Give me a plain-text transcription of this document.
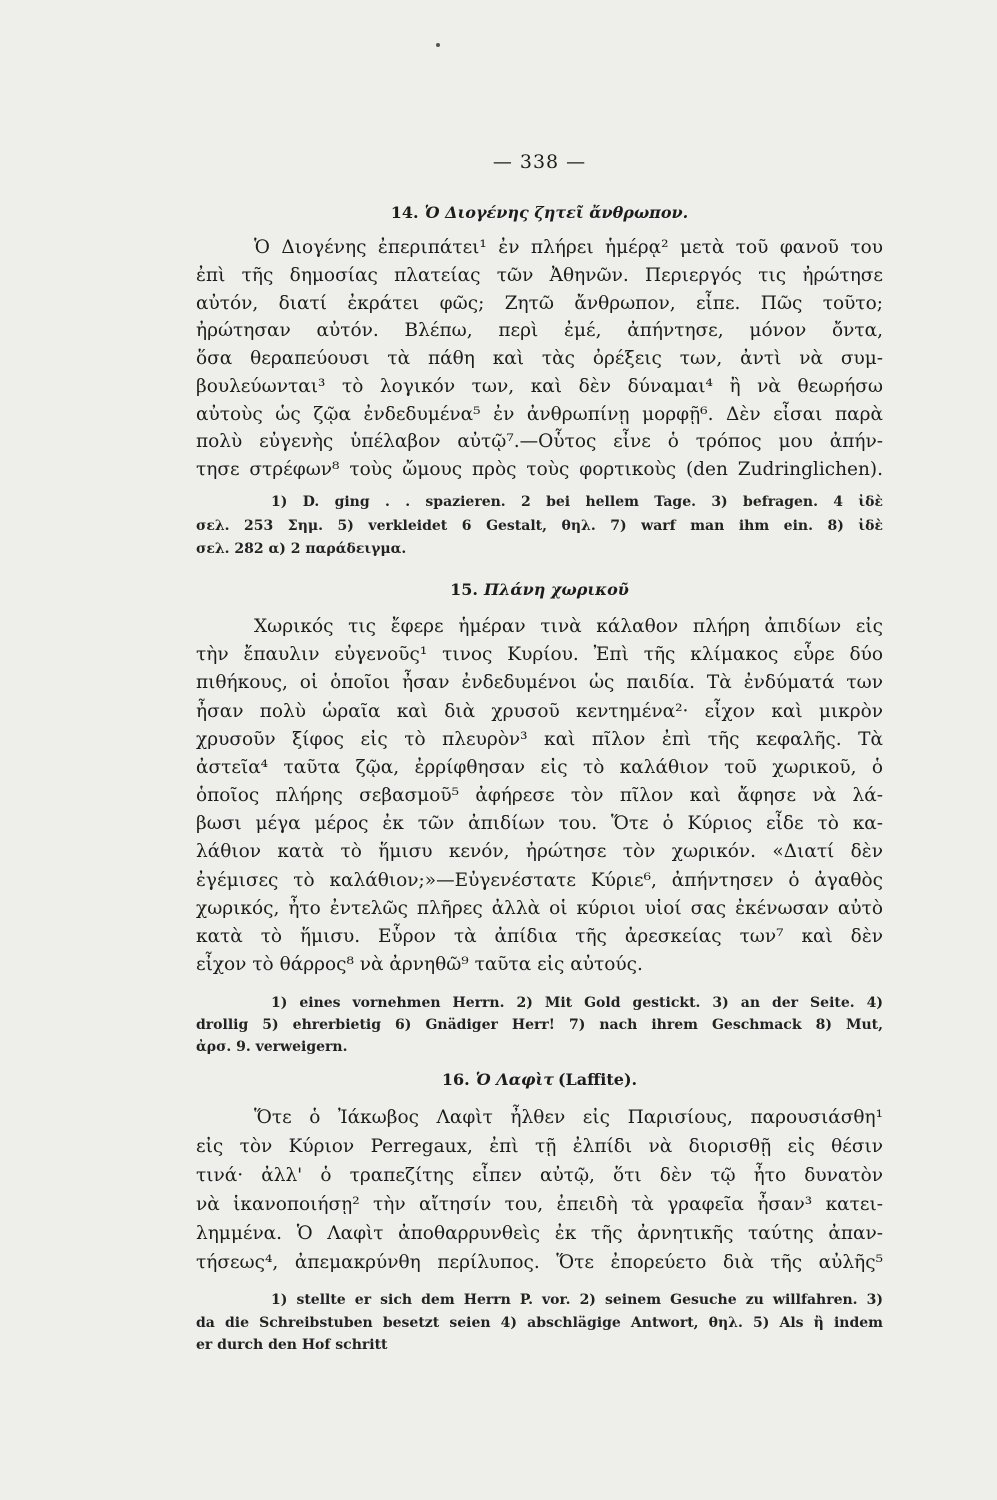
— 338 —
14. Ὁ Διογένης ζητεῖ ἄνθρωπον.
Ὁ Διογένης ἐπεριπάτει¹ ἐν πλήρει ἡμέρᾳ² μετὰ τοῦ φανοῦ του
ἐπὶ τῆς δημοσίας πλατείας τῶν Ἀθηνῶν. Περιεργός τις ἠρώτησε
αὐτόν, διατί ἐκράτει φῶς; Ζητῶ ἄνθρωπον, εἶπε. Πῶς τοῦτο;
ἠρώτησαν αὐτόν. Βλέπω, περὶ ἐμέ, ἀπήντησε, μόνον ὄντα,
ὅσα θεραπεύουσι τὰ πάθη καὶ τὰς ὀρέξεις των, ἀντὶ νὰ συμ-
βουλεύωνται³ τὸ λογικόν των, καὶ δὲν δύναμαι⁴ ἢ νὰ θεωρήσω
αὐτοὺς ὡς ζῷα ἐνδεδυμένα⁵ ἐν ἀνθρωπίνῃ μορφῇ⁶. Δὲν εἶσαι παρὰ
πολὺ εὐγενὴς ὑπέλαβον αὐτῷ⁷.—Οὗτος εἶνε ὁ τρόπος μου ἀπήν-
τησε στρέφων⁸ τοὺς ὤμους πρὸς τοὺς φορτικοὺς (den Zudringlichen).
1) D. ging . . spazieren. 2 bei hellem Tage. 3) befragen. 4 ἰδὲ
σελ. 253 Σημ. 5) verkleidet 6 Gestalt, θηλ. 7) warf man ihm ein. 8) ἰδὲ
σελ. 282 α) 2 παράδειγμα.
15. Πλάνη χωρικοῦ
Χωρικός τις ἔφερε ἡμέραν τινὰ κάλαθον πλήρη ἀπιδίων εἰς
τὴν ἔπαυλιν εὐγενοῦς¹ τινος Κυρίου. Ἐπὶ τῆς κλίμακος εὗρε δύο
πιθήκους, οἱ ὁποῖοι ἦσαν ἐνδεδυμένοι ὡς παιδία. Τὰ ἐνδύματά των
ἦσαν πολὺ ὡραῖα καὶ διὰ χρυσοῦ κεντημένα²· εἶχον καὶ μικρὸν
χρυσοῦν ξίφος εἰς τὸ πλευρὸν³ καὶ πῖλον ἐπὶ τῆς κεφαλῆς. Τὰ
ἀστεῖα⁴ ταῦτα ζῷα, ἐρρίφθησαν εἰς τὸ καλάθιον τοῦ χωρικοῦ, ὁ
ὁποῖος πλήρης σεβασμοῦ⁵ ἀφήρεσε τὸν πῖλον καὶ ἄφησε νὰ λά-
βωσι μέγα μέρος ἐκ τῶν ἀπιδίων του. Ὅτε ὁ Κύριος εἶδε τὸ κα-
λάθιον κατὰ τὸ ἥμισυ κενόν, ἠρώτησε τὸν χωρικόν. «Διατί δὲν
ἐγέμισες τὸ καλάθιον;»—Εὐγενέστατε Κύριε⁶, ἀπήντησεν ὁ ἀγαθὸς
χωρικός, ἦτο ἐντελῶς πλῆρες ἀλλὰ οἱ κύριοι υἱοί σας ἐκένωσαν αὐτὸ
κατὰ τὸ ἥμισυ. Εὗρον τὰ ἀπίδια τῆς ἀρεσκείας των⁷ καὶ δὲν
εἶχον τὸ θάρρος⁸ νὰ ἀρνηθῶ⁹ ταῦτα εἰς αὐτούς.
1) eines vornehmen Herrn. 2) Mit Gold gestickt. 3) an der Seite. 4)
drollig 5) ehrerbietig 6) Gnädiger Herr! 7) nach ihrem Geschmack 8) Mut,
ἀρσ. 9. verweigern.
16. Ὁ Λαφὶτ (Laffite).
Ὅτε ὁ Ἰάκωβος Λαφὶτ ἦλθεν εἰς Παρισίους, παρουσιάσθη¹
εἰς τὸν Κύριον Perregaux, ἐπὶ τῇ ἐλπίδι νὰ διορισθῇ εἰς θέσιν
τινά· ἀλλ' ὁ τραπεζίτης εἶπεν αὐτῷ, ὅτι δὲν τῷ ἦτο δυνατὸν
νὰ ἱκανοποιήσῃ² τὴν αἴτησίν του, ἐπειδὴ τὰ γραφεῖα ἦσαν³ κατει-
λημμένα. Ὁ Λαφὶτ ἀποθαρρυνθεὶς ἐκ τῆς ἀρνητικῆς ταύτης ἀπαν-
τήσεως⁴, ἀπεμακρύνθη περίλυπος. Ὅτε ἐπορεύετο διὰ τῆς αὐλῆς⁵
1) stellte er sich dem Herrn P. vor. 2) seinem Gesuche zu willfahren. 3)
da die Schreibstuben besetzt seien 4) abschlägige Antwort, θηλ. 5) Als ἢ indem
er durch den Hof schritt
